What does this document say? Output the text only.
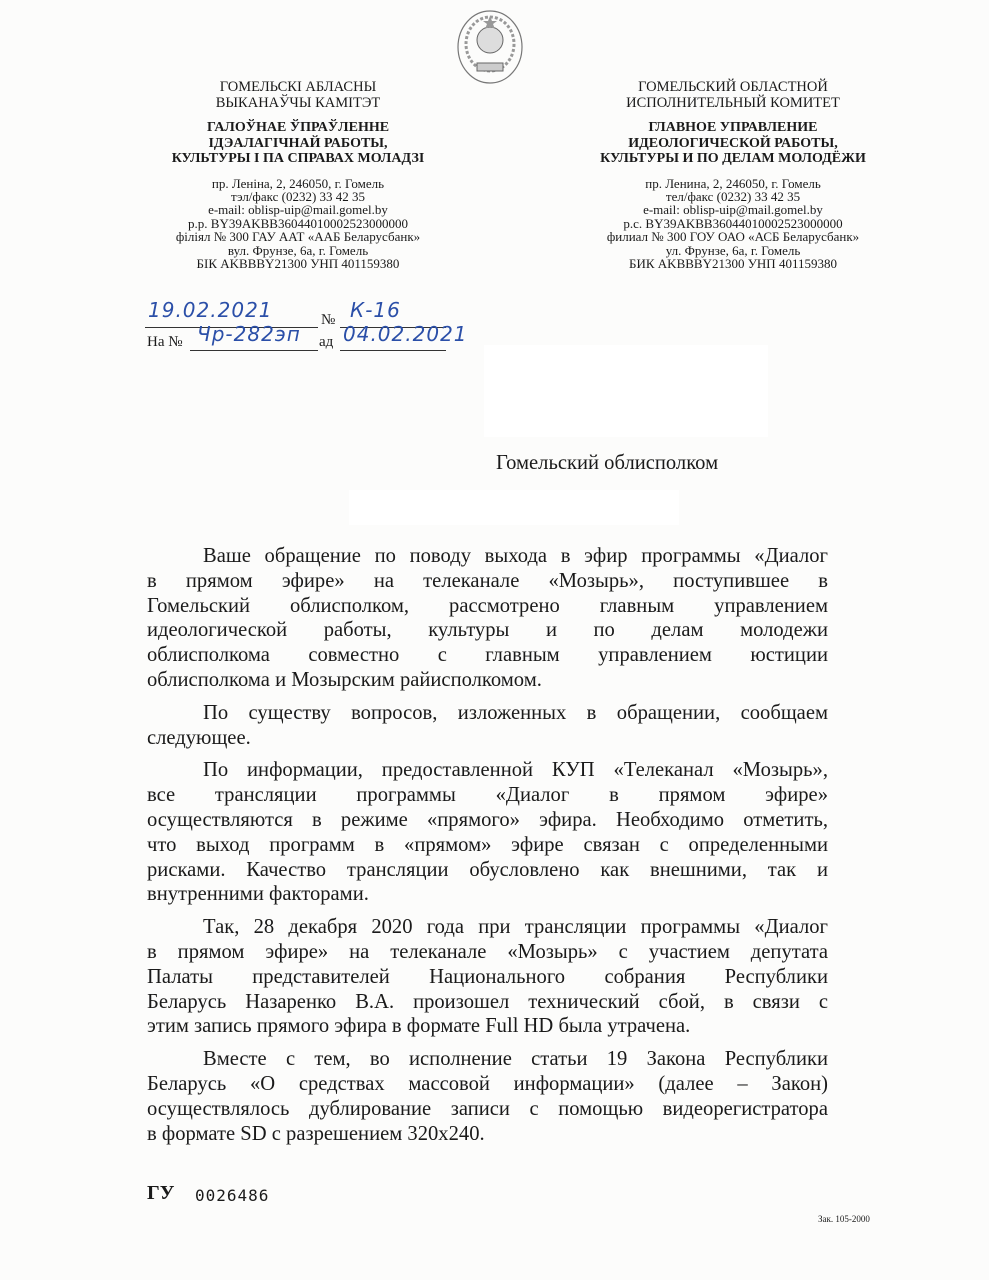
ГОМЕЛЬСКІ АБЛАСНЫ
ВЫКАНАЎЧЫ КАМІТЭТ
ГАЛОЎНАЕ ЎПРАЎЛЕННЕ
ІДЭАЛАГІЧНАЙ РАБОТЫ,
КУЛЬТУРЫ І ПА СПРАВАХ МОЛАДЗІ
пр. Леніна, 2, 246050, г. Гомель
тэл/факс (0232) 33 42 35
e-mail: oblisp-uip@mail.gomel.by
р.р. BY39AKBB36044010002523000000
філіял № 300 ГАУ ААТ «ААБ Беларусбанк»
вул. Фрунзе, 6а, г. Гомель
БІК AKBBBY21300 УНП 401159380
ГОМЕЛЬСКИЙ ОБЛАСТНОЙ
ИСПОЛНИТЕЛЬНЫЙ КОМИТЕТ
ГЛАВНОЕ УПРАВЛЕНИЕ
ИДЕОЛОГИЧЕСКОЙ РАБОТЫ,
КУЛЬТУРЫ И ПО ДЕЛАМ МОЛОДЁЖИ
пр. Ленина, 2, 246050, г. Гомель
тел/факс (0232) 33 42 35
e-mail: oblisp-uip@mail.gomel.by
р.с. BY39AKBB36044010002523000000
филиал № 300 ГОУ ОАО «АСБ Беларусбанк»
ул. Фрунзе, 6а, г. Гомель
БИК AKBBBY21300 УНП 401159380
19.02.2021	№ К-16
На № Чр-282эп ад 04.02.2021
Гомельский облисполком
Ваше обращение по поводу выхода в эфир программы «Диалог
в прямом эфире» на телеканале «Мозырь», поступившее в
Гомельский облисполком, рассмотрено главным управлением
идеологической работы, культуры и по делам молодежи
облисполкома совместно с главным управлением юстиции
облисполкома и Мозырским райисполкомом.
По существу вопросов, изложенных в обращении, сообщаем
следующее.
По информации, предоставленной КУП «Телеканал «Мозырь»,
все трансляции программы «Диалог в прямом эфире»
осуществляются в режиме «прямого» эфира. Необходимо отметить,
что выход программ в «прямом» эфире связан с определенными
рисками. Качество трансляции обусловлено как внешними, так и
внутренними факторами.
Так, 28 декабря 2020 года при трансляции программы «Диалог
в прямом эфире» на телеканале «Мозырь» с участием депутата
Палаты представителей Национального собрания Республики
Беларусь Назаренко В.А. произошел технический сбой, в связи с
этим запись прямого эфира в формате Full HD была утрачена.
Вместе с тем, во исполнение статьи 19 Закона Республики
Беларусь «О средствах массовой информации» (далее – Закон)
осуществлялось дублирование записи с помощью видеорегистратора
в формате SD с разрешением 320x240.
ГУ 0026486
Зак. 105-2000
